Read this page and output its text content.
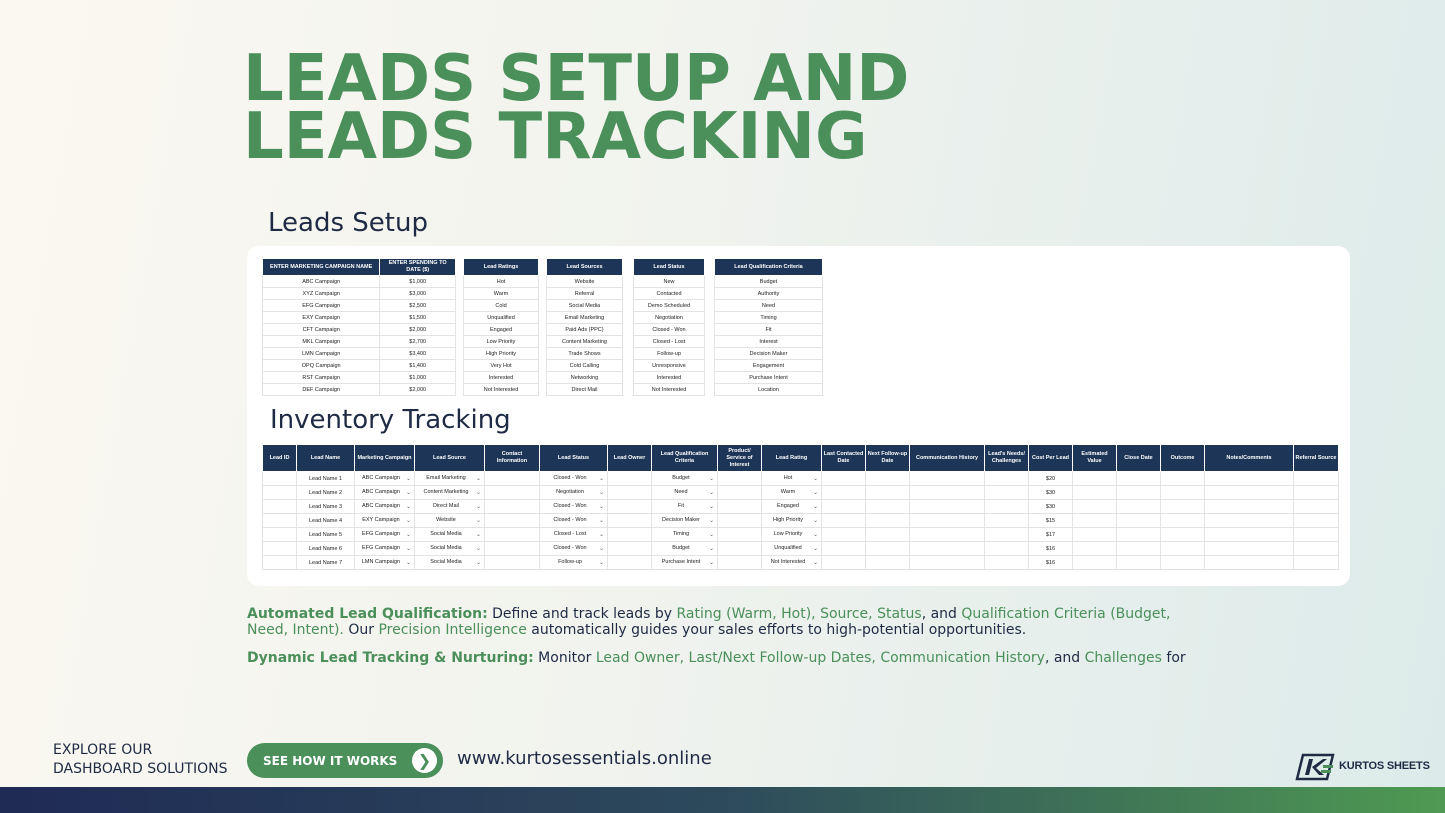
LEADS SETUP AND
LEADS TRACKING
Leads Setup
ENTER MARKETING CAMPAIGN NAME	ENTER SPENDING TO DATE ($)
ABC Campaign	$1,000
XYZ Campaign	$3,000
EFG Campaign	$2,500
EXY Campaign	$1,500
CFT Campaign	$2,000
MKL Campaign	$2,700
LMN Campaign	$3,400
OPQ Campaign	$1,400
RST Campaign	$1,000
DEF Campaign	$2,000
Lead Ratings
Hot
Warm
Cold
Unqualified
Engaged
Low Priority
High Priority
Very Hot
Interested
Not Interested
Lead Sources
Website
Referral
Social Media
Email Marketing
Paid Ads (PPC)
Content Marketing
Trade Shows
Cold Calling
Networking
Direct Mail
Lead Status
New
Contacted
Demo Scheduled
Negotiation
Closed - Won
Closed - Lost
Follow-up
Unresponsive
Interested
Not Interested
Lead Qualification Criteria
Budget
Authority
Need
Timing
Fit
Interest
Decision Maker
Engagement
Purchase Intent
Location
Inventory Tracking
Lead ID	Lead Name	Marketing Campaign	Lead Source	Contact Information	Lead Status	Lead Owner	Lead Qualification Criteria	Product/ Service of Interest	Lead Rating	Last Contacted Date	Next Follow-up Date	Communication History	Lead's Needs/ Challenges	Cost Per Lead	Estimated Value	Close Date	Outcome	Notes/Comments	Referral Source
	Lead Name 1	ABC Campaign ⌄	Email Marketing ⌄		Closed - Won ⌄		Budget ⌄		Hot ⌄					$20					
	Lead Name 2	ABC Campaign ⌄	Content Marketing ⌄		Negotiation ⌄		Need ⌄		Warm ⌄					$30					
	Lead Name 3	ABC Campaign ⌄	Direct Mail ⌄		Closed - Won ⌄		Fit ⌄		Engaged ⌄					$30					
	Lead Name 4	EXY Campaign ⌄	Website ⌄		Closed - Won ⌄		Decision Maker ⌄		High Priority ⌄					$15					
	Lead Name 5	EFG Campaign ⌄	Social Media ⌄		Closed - Lost ⌄		Timing ⌄		Low Priority ⌄					$17					
	Lead Name 6	EFG Campaign ⌄	Social Media ⌄		Closed - Won ⌄		Budget ⌄		Unqualified ⌄					$16					
	Lead Name 7	LMN Campaign ⌄	Social Media ⌄		Follow-up ⌄		Purchase Intent ⌄		Not Interested ⌄					$16					
Automated Lead Qualification: Define and track leads by Rating (Warm, Hot), Source, Status, and Qualification Criteria (Budget, Need, Intent). Our Precision Intelligence automatically guides your sales efforts to high-potential opportunities.
Dynamic Lead Tracking & Nurturing: Monitor Lead Owner, Last/Next Follow-up Dates, Communication History, and Challenges for
EXPLORE OUR
DASHBOARD SOLUTIONS
SEE HOW IT WORKS	❯	www.kurtosessentials.online	KURTOS SHEETS
